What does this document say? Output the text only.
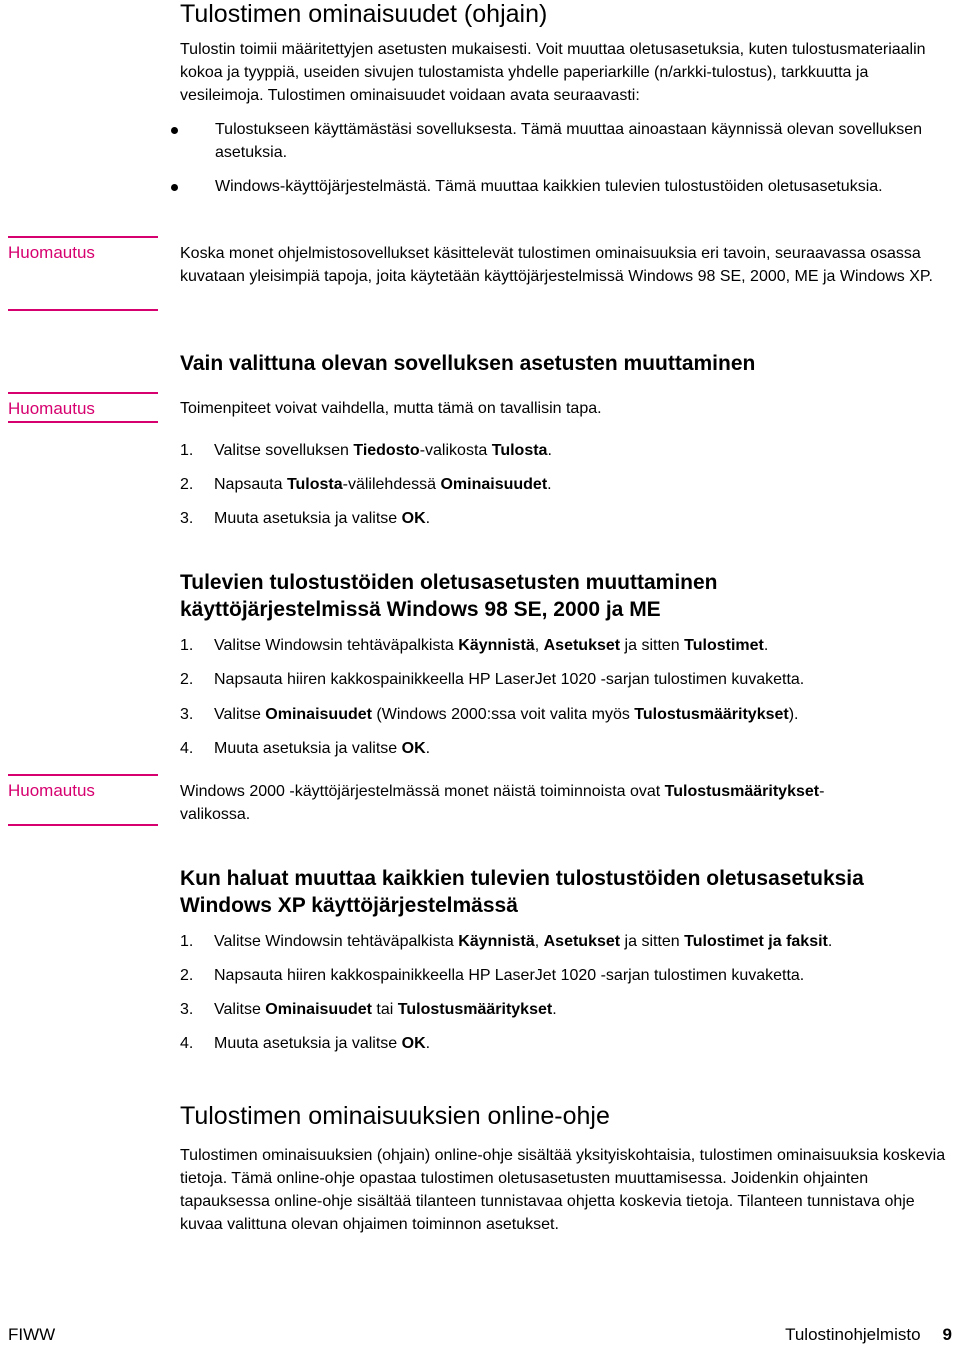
Tulostimen ominaisuudet (ohjain)

Tulostin toimii määritettyjen asetusten mukaisesti. Voit muuttaa oletusasetuksia, kuten tulostusmateriaalin kokoa ja tyyppiä, useiden sivujen tulostamista yhdelle paperiarkille (n/arkki-tulostus), tarkkuutta ja vesileimoja. Tulostimen ominaisuudet voidaan avata seuraavasti:

Tulostukseen käyttämästäsi sovelluksesta. Tämä muuttaa ainoastaan käynnissä olevan sovelluksen asetuksia.
Windows-käyttöjärjestelmästä. Tämä muuttaa kaikkien tulevien tulostustöiden oletusasetuksia.
Huomautus	Koska monet ohjelmistosovellukset käsittelevät tulostimen ominaisuuksia eri tavoin, seuraavassa osassa kuvataan yleisimpiä tapoja, joita käytetään käyttöjärjestelmissä Windows 98 SE, 2000, ME ja Windows XP.

Vain valittuna olevan sovelluksen asetusten muuttaminen
Huomautus	Toimenpiteet voivat vaihdella, mutta tämä on tavallisin tapa.

1. Valitse sovelluksen Tiedosto-valikosta Tulosta.
2. Napsauta Tulosta-välilehdessä Ominaisuudet.
3. Muuta asetuksia ja valitse OK.
Tulevien tulostustöiden oletusasetusten muuttaminen
käyttöjärjestelmissä Windows 98 SE, 2000 ja ME
1. Valitse Windowsin tehtäväpalkista Käynnistä, Asetukset ja sitten Tulostimet.
2. Napsauta hiiren kakkospainikkeella HP LaserJet 1020 -sarjan tulostimen kuvaketta.
3. Valitse Ominaisuudet (Windows 2000:ssa voit valita myös Tulostusmääritykset).
4. Muuta asetuksia ja valitse OK.
Huomautus	Windows 2000 -käyttöjärjestelmässä monet näistä toiminnoista ovat Tulostusmääritykset-
valikossa.

Kun haluat muuttaa kaikkien tulevien tulostustöiden oletusasetuksia
Windows XP käyttöjärjestelmässä
1. Valitse Windowsin tehtäväpalkista Käynnistä, Asetukset ja sitten Tulostimet ja faksit.
2. Napsauta hiiren kakkospainikkeella HP LaserJet 1020 -sarjan tulostimen kuvaketta.
3. Valitse Ominaisuudet tai Tulostusmääritykset.
4. Muuta asetuksia ja valitse OK.
Tulostimen ominaisuuksien online-ohje

Tulostimen ominaisuuksien (ohjain) online-ohje sisältää yksityiskohtaisia, tulostimen ominaisuuksia koskevia tietoja. Tämä online-ohje opastaa tulostimen oletusasetusten muuttamisessa. Joidenkin ohjainten tapauksessa online-ohje sisältää tilanteen tunnistavaa ohjetta koskevia tietoja. Tilanteen tunnistava ohje kuvaa valittuna olevan ohjaimen toiminnon asetukset.

FIWW	Tulostinohjelmisto 9
